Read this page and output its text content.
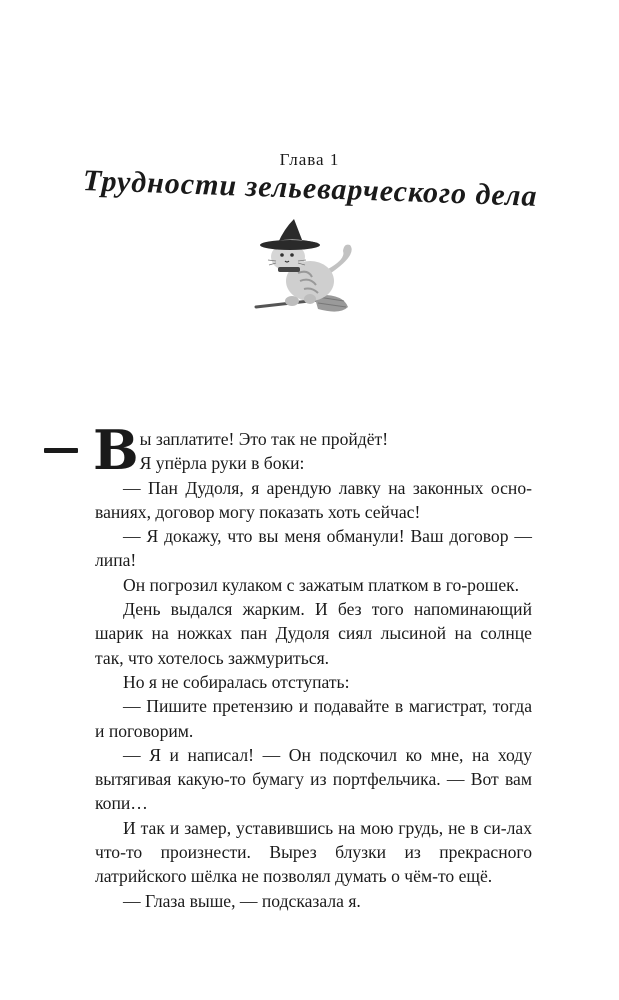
Глава 1
Трудности зельеварческого дела
В ы заплатите! Это так не пройдёт!

Я упёрла руки в боки:

— Пан Дудоля, я арендую лавку на законных осно-ваниях, договор могу показать хоть сейчас!

— Я докажу, что вы меня обманули! Ваш договор — липа!

Он погрозил кулаком с зажатым платком в го-рошек.

День выдался жарким. И без того напоминающий шарик на ножках пан Дудоля сиял лысиной на солнце так, что хотелось зажмуриться.

Но я не собиралась отступать:

— Пишите претензию и подавайте в магистрат, тогда и поговорим.

— Я и написал! — Он подскочил ко мне, на ходу вытягивая какую-то бумагу из портфельчика. — Вот вам копи…

И так и замер, уставившись на мою грудь, не в си-лах что-то произнести. Вырез блузки из прекрасного латрийского шёлка не позволял думать о чём-то ещё.

— Глаза выше, — подсказала я.
